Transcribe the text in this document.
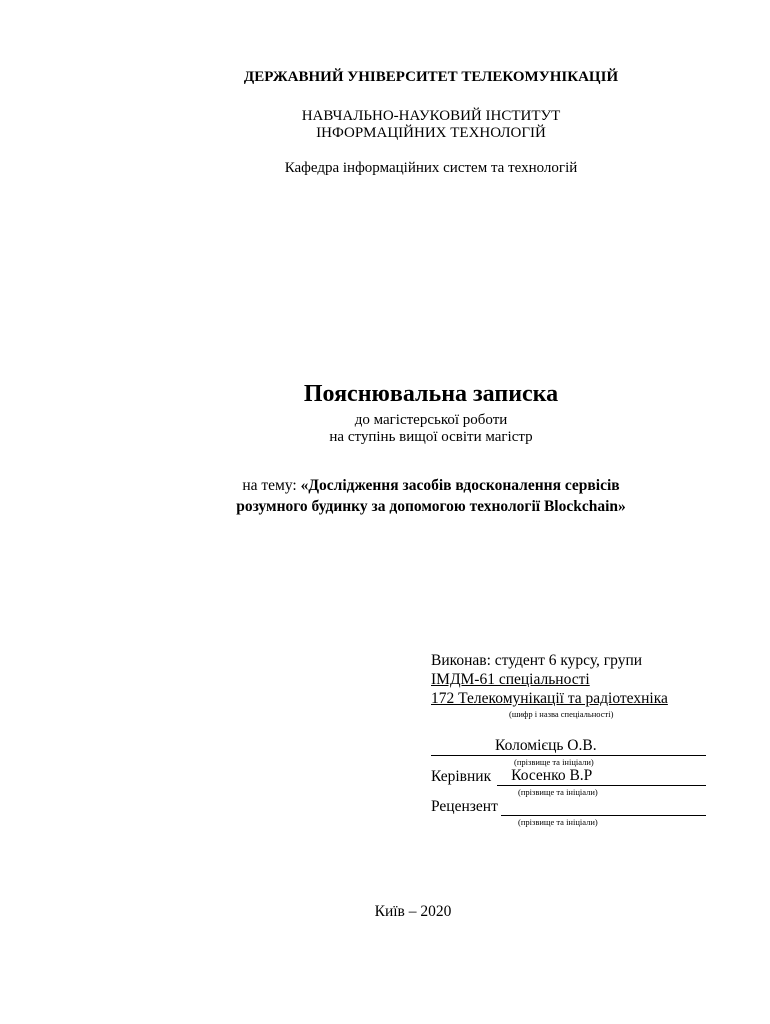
ДЕРЖАВНИЙ УНІВЕРСИТЕТ ТЕЛЕКОМУНІКАЦІЙ
НАВЧАЛЬНО-НАУКОВИЙ ІНСТИТУТ
ІНФОРМАЦІЙНИХ ТЕХНОЛОГІЙ
Кафедра інформаційних систем та технологій
Пояснювальна записка
до магістерської роботи
на ступінь вищої освіти магістр
на тему: «Дослідження засобів вдосконалення сервісів
розумного будинку за допомогою технології Blockchain»
Виконав: студент 6 курсу, групи
ІМДМ-61 спеціальності
172 Телекомунікації та радіотехніка
(шифр і назва спеціальності)
Коломієць О.В.
(прізвище та ініціали)
Керівник	Косенко В.Р
(прізвище та ініціали)
Рецензент
(прізвище та ініціали)
Київ – 2020
